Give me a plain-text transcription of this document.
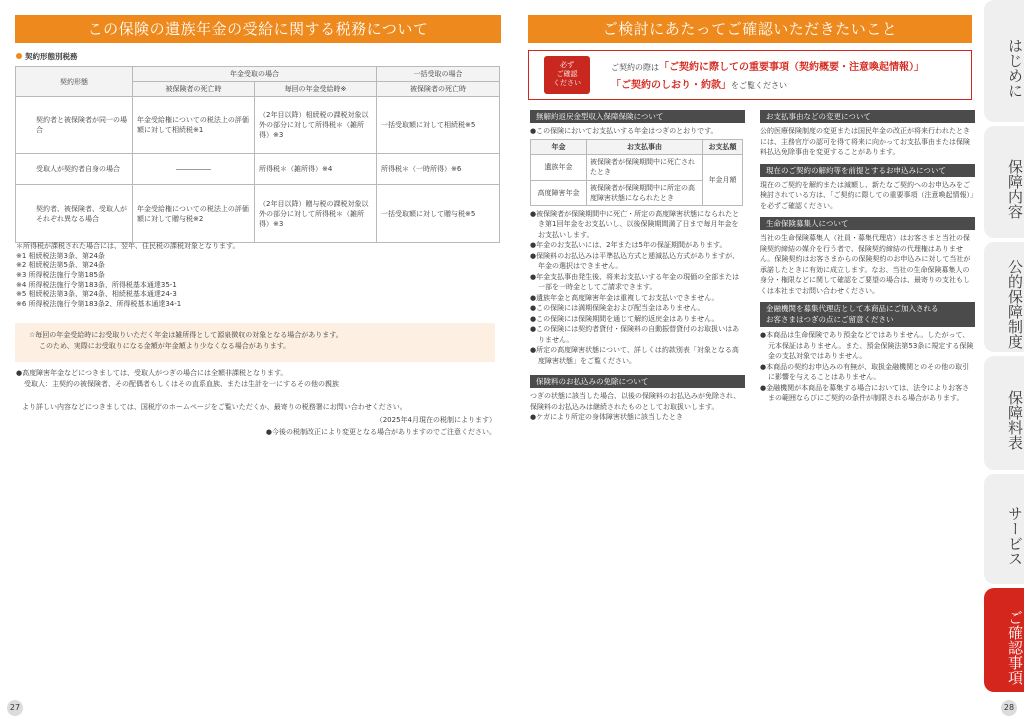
この保険の遺族年金の受給に関する税務について
契約形態別税務
契約形態	年金受取の場合		一括受取の場合
	被保険者の死亡時	毎回の年金受給時※	被保険者の死亡時
契約者と被保険者が同一の場合	年金受給権についての税法上の評価額に対して相続税※1	（2年目以降）相続税の課税対象以外の部分に対して所得税＊（雑所得）※3	一括受取額に対して相続税※5
受取人が契約者自身の場合	―――――	所得税＊（雑所得）※4	所得税＊（一時所得）※6
契約者、被保険者、受取人がそれぞれ異なる場合	年金受給権についての税法上の評価額に対して贈与税※2	（2年目以降）贈与税の課税対象以外の部分に対して所得税＊（雑所得）※3	一括受取額に対して贈与税※5
＊所得税が課税された場合には、翌年、住民税の課税対象となります。
※1 相続税法第3条、第24条
※2 相続税法第5条、第24条
※3 所得税法施行令第185条
※4 所得税法施行令第183条、所得税基本通達35-1
※5 相続税法第3条、第24条、相続税基本通達24-3
※6 所得税法施行令第183条2、所得税基本通達34-1
☆毎回の年金受給時にお受取りいただく年金は雑所得として源泉徴収の対象となる場合があります。
このため、実際にお受取りになる金額が年金額より少なくなる場合があります。
●高度障害年金などにつきましては、受取人がつぎの場合には全額非課税となります。
受取人：主契約の被保険者、その配偶者もしくはその直系血族、または生計を一にするその他の親族
より詳しい内容などにつきましては、国税庁のホームページをご覧いただくか、最寄りの税務署にお問い合わせください。
（2025年4月現在の税制によります）
●今後の税制改正により変更となる場合がありますのでご注意ください。
27
ご検討にあたってご確認いただきたいこと
必ず
ご確認
ください
ご契約の際は「ご契約に際しての重要事項（契約概要・注意喚起情報）」
「ご契約のしおり・約款」をご覧ください
無解約返戻金型収入保障保険について

●この保険においてお支払いする年金はつぎのとおりです。

年金	お支払事由	お支払額
遺族年金	被保険者が保険期間中に死亡されたとき	年金月額
高度障害年金	被保険者が保険期間中に所定の高度障害状態になられたとき	

●被保険者が保険期間中に死亡・所定の高度障害状態になられたとき第1回年金をお支払いし、以後保険期間満了日まで毎月年金をお支払いします。

●年金のお支払いには、2年または5年の保証期間があります。

●保険料のお払込みは平準払込方式と逓減払込方式がありますが、年金の選択はできません。

●年金支払事由発生後、将来お支払いする年金の現価の全部または一部を一時金としてご請求できます。

●遺族年金と高度障害年金は重複してお支払いできません。

●この保険には満期保険金および配当金はありません。

●この保険には保険期間を通じて解約返戻金はありません。

●この保険には契約者貸付・保険料の自動振替貸付のお取扱いはありません。

●所定の高度障害状態について、詳しくは約款別表「対象となる高度障害状態」をご覧ください。

保険料のお払込みの免除について

つぎの状態に該当した場合、以後の保険料のお払込みが免除され、保険料のお払込みは継続されたものとしてお取扱いします。

●ケガにより所定の身体障害状態に該当したとき

お支払事由などの変更について

公的医療保険制度の変更または国民年金の改正が将来行われたときには、主務官庁の認可を得て将来に向かってお支払事由または保険料払込免除事由を変更することがあります。

現在のご契約の解約等を前提とするお申込みについて

現在のご契約を解約または減額し、新たなご契約へのお申込みをご検討されている方は、「ご契約に際しての重要事項（注意喚起情報）」を必ずご確認ください。

生命保険募集人について

当社の生命保険募集人（社員・募集代理店）はお客さまと当社の保険契約締結の媒介を行う者で、保険契約締結の代理権はありません。保険契約はお客さまからの保険契約のお申込みに対して当社が承諾したときに有効に成立します。なお、当社の生命保険募集人の身分・権限などに関して確認をご要望の場合は、最寄りの支社もしくは本社までお問い合わせください。

金融機関を募集代理店として本商品にご加入される
お客さまはつぎの点にご留意ください

●本商品は生命保険であり預金などではありません。したがって、元本保証はありません。また、預金保険法第53条に規定する保険金の支払対象ではありません。

●本商品の契約お申込みの有無が、取扱金融機関とのその他の取引に影響を与えることはありません。

●金融機関が本商品を募集する場合においては、法令によりお客さまの範囲ならびにご契約の条件が制限される場合があります。

28
はじめに
保障内容
公的保障制度
保障料表
サービス
ご確認事項
